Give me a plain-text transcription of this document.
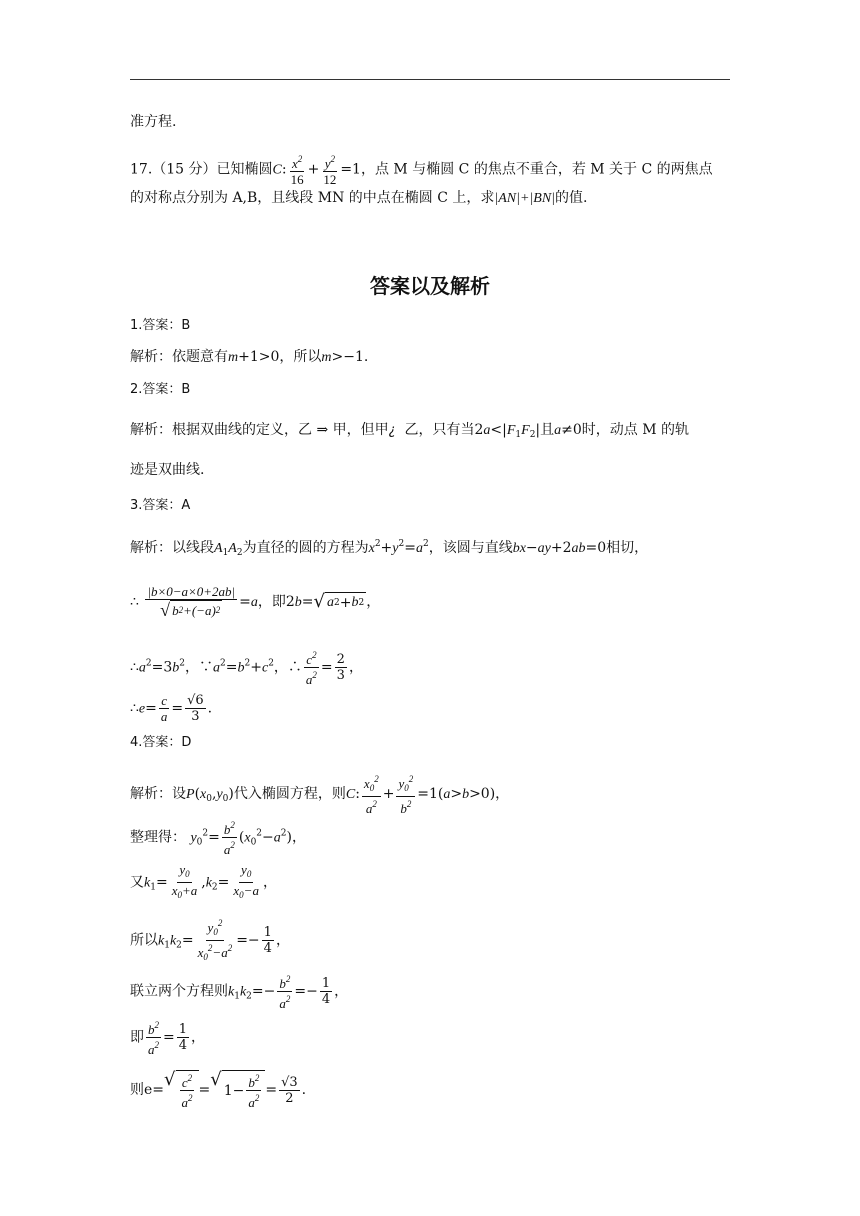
准方程.
17.（15 分）已知椭圆C: $\frac{x^2}{16} + \frac{y^2}{12} =1$，点 M 与椭圆 C 的焦点不重合，若 M 关于 C 的两焦点
的对称点分别为 A,B，且线段 MN 的中点在椭圆 C 上，求|AN|+|BN|的值.
答案以及解析
1.答案：B
解析：依题意有m+1>0，所以m>−1.
2.答案：B
解析：根据双曲线的定义，乙 ⇒ 甲，但甲¿ 乙，只有当$2a<|F_1F_2|$且a≠0时，动点 M 的轨
迹是双曲线.
3.答案：A
解析：以线段$A_1A_2$为直径的圆的方程为$x^2+y^2=a^2$，该圆与直线bx−ay+2ab=0相切，
∴ $\frac{|b\times 0-a\times 0+2ab|}{√ b 2 +(- a ) 2} =a$，即2b= √ a 2 + b 2 ，
$\therefore a^2=3b^2$，$\because a^2=b^2+c^2$，∴ $\frac{c^2}{a^2} = \frac{2}{3}$ ，
∴e= $\frac{c}{a} = \frac{√6}{3}$ .
4.答案：D
解析：设$P(x_0,y_0)$代入椭圆方程，则C: $\frac{x_0^2}{a^2} + \frac{y_0^2}{b^2} =1(a>b>0)$，
整理得： $y_0^2= \frac{b^2}{a^2} (x_0^2-a^2)$，
又$k_1= \frac{y_0}{x_0+a} ,k_2= \frac{y_0}{x_0-a}$ ，
所以$k_1k_2= \frac{y_0^2}{x_0^2-a^2} =- \frac{1}{4}$ ，
联立两个方程则$k_1k_2=- \frac{b^2}{a^2} =- \frac{1}{4}$ ，
即 $\frac{b^2}{a^2} = \frac{1}{4}$ ，
则e= √ $\frac{c^2}{a^2}$ = √
$1- \frac{b^2}{a^2} = \frac{√3}{2}$ .
